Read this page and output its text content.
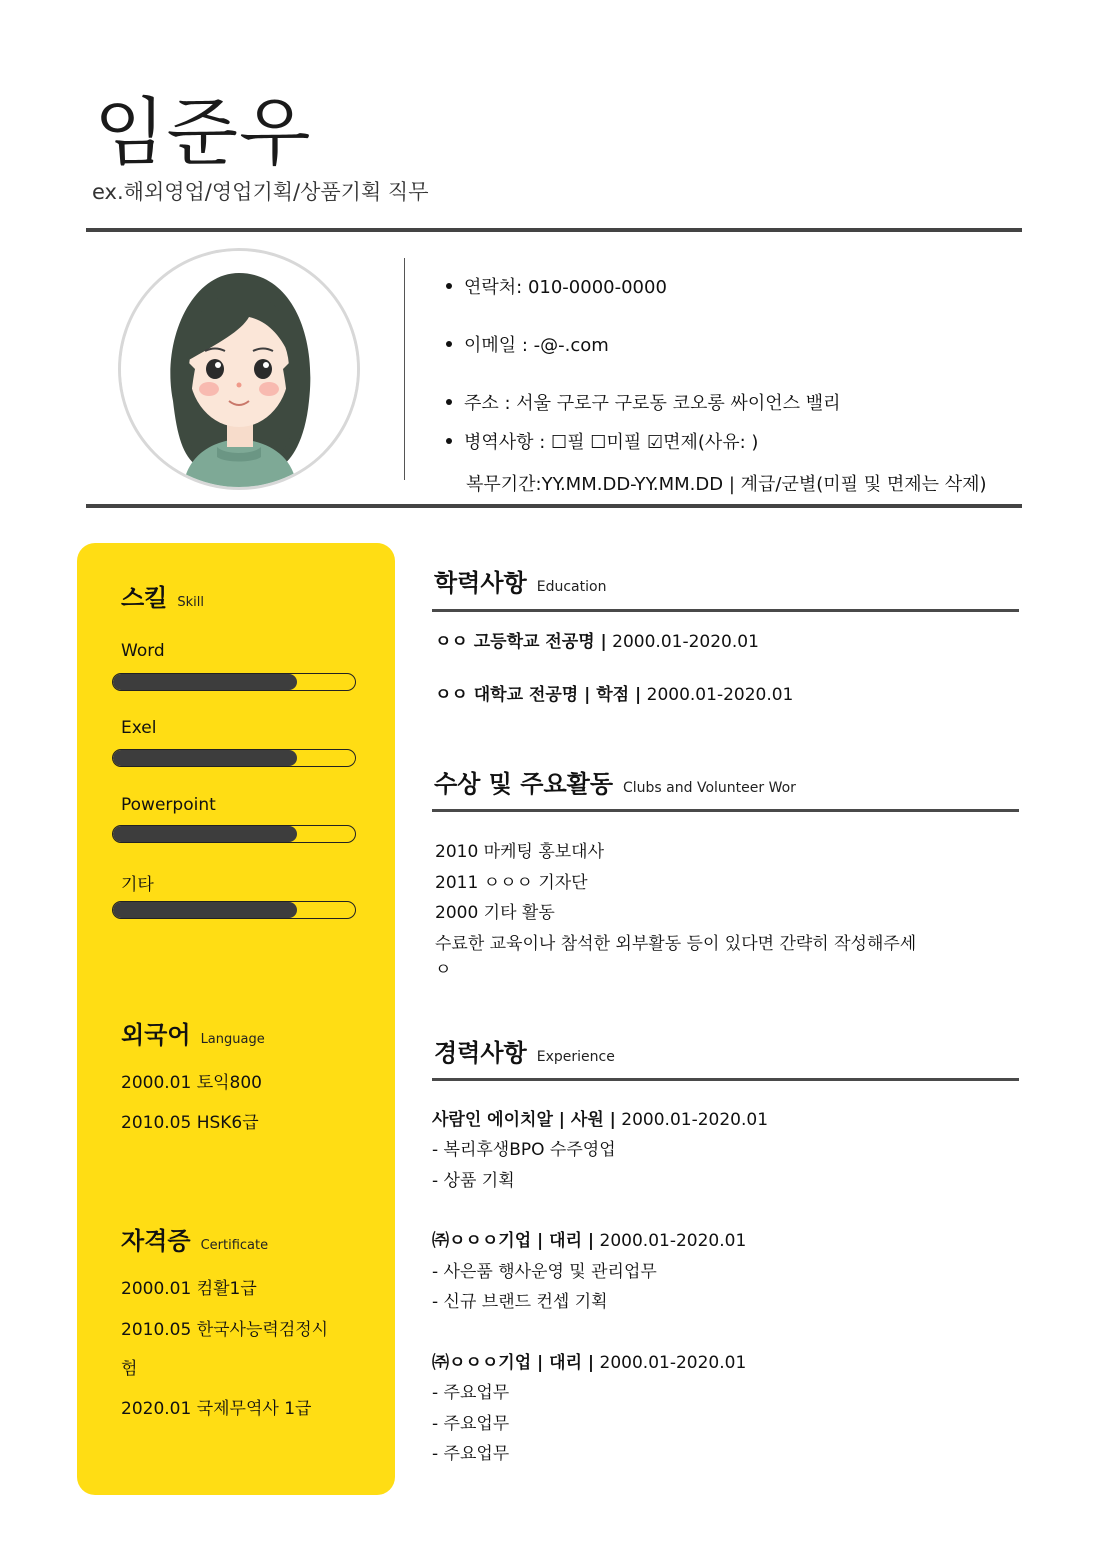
임준우
ex.해외영업/영업기획/상품기획 직무
연락처: 010-0000-0000
이메일 : -@-.com
주소 : 서울 구로구 구로동 코오롱 싸이언스 밸리
병역사항 : ☐필 ☐미필 ☑면제(사유: )
복무기간:YY.MM.DD-YY.MM.DD | 계급/군별(미필 및 면제는 삭제)
스킬 Skill
Word
Exel
Powerpoint
기타
외국어 Language
2000.01 토익800
2010.05 HSK6급
자격증 Certificate
2000.01 컴활1급
2010.05 한국사능력검정시
험
2020.01 국제무역사 1급
학력사항 Education
ㅇㅇ 고등학교 전공명 | 2000.01-2020.01
ㅇㅇ 대학교 전공명 | 학점 | 2000.01-2020.01
수상 및 주요활동 Clubs and Volunteer Wor
2010 마케팅 홍보대사
2011 ㅇㅇㅇ 기자단
2000 기타 활동
수료한 교육이나 참석한 외부활동 등이 있다면 간략히 작성해주세
ㅇ
경력사항 Experience
사람인 에이치알 | 사원 | 2000.01-2020.01
- 복리후생BPO 수주영업
- 상품 기획
㈜ㅇㅇㅇ기업 | 대리 | 2000.01-2020.01
- 사은품 행사운영 및 관리업무
- 신규 브랜드 컨셉 기획
㈜ㅇㅇㅇ기업 | 대리 | 2000.01-2020.01
- 주요업무
- 주요업무
- 주요업무
